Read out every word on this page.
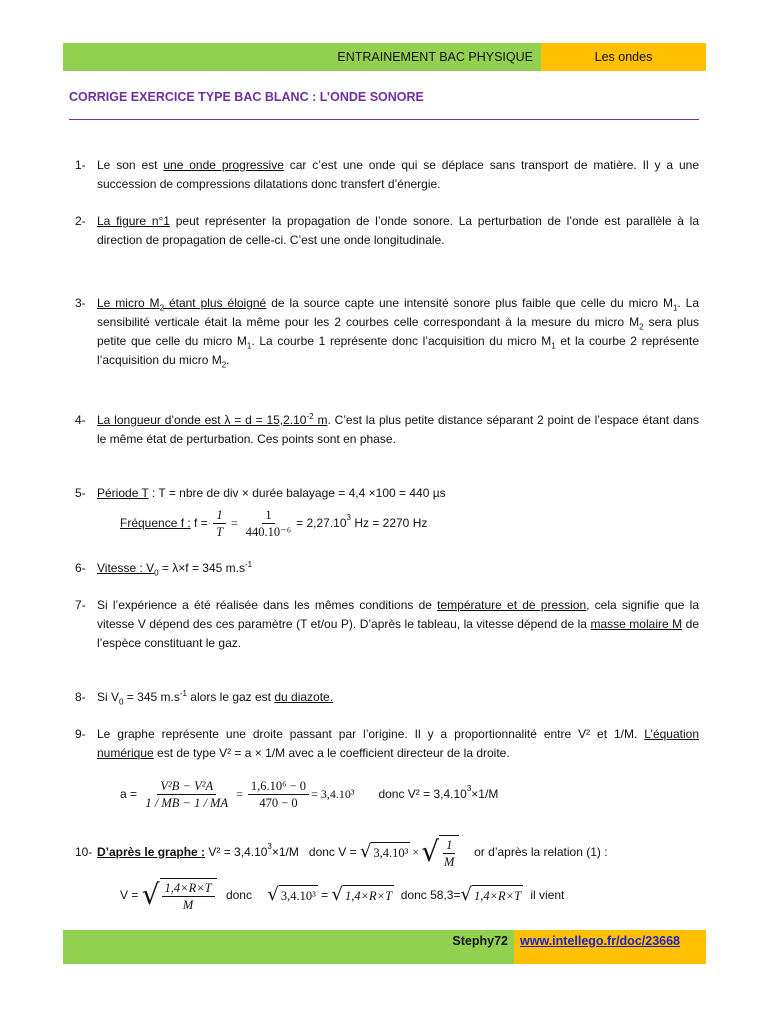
ENTRAINEMENT BAC PHYSIQUE	Les ondes
CORRIGE EXERCICE TYPE BAC BLANC : L’ONDE SONORE
1- Le son est une onde progressive car c’est une onde qui se déplace sans transport de matière. Il y a une succession de compressions dilatations donc transfert d’énergie.
2- La figure n°1 peut représenter la propagation de l’onde sonore. La perturbation de l’onde est parallèle à la direction de propagation de celle-ci. C’est une onde longitudinale.
3- Le micro $M_2$ étant plus éloigné de la source capte une intensité sonore plus faible que celle du micro $M_1$. La sensibilité verticale était la même pour les 2 courbes celle correspondant à la mesure du micro $M_2$ sera plus petite que celle du micro $M_1$. La courbe 1 représente donc l’acquisition du micro $M_1$ et la courbe 2 représente l’acquisition du micro $M_2$.
4- La longueur d’onde est $\lambda = d = 15,2.10^{-2}$ m. C’est la plus petite distance séparant 2 point de l’espace étant dans le même état de perturbation. Ces points sont en phase.
5- Période T : T = nbre de div × durée balayage = 4,4 ×100 = 440 µs
Fréquence f : $f = \frac{1}{T} = \frac{1}{\text{440.10⁻⁶}} = 2,27.10^3$ Hz = 2270 Hz
6- Vitesse : $V_0 = \lambda\times f = 345$ $m.s^{-1}$
7- Si l’expérience a été réalisée dans les mêmes conditions de température et de pression, cela signifie que la vitesse V dépend des ces paramètre (T et/ou P). D’après le tableau, la vitesse dépend de la masse molaire M de l’espèce constituant le gaz.
8- Si $V_0 = 345$ $m.s^{-1}$ alors le gaz est du diazote.
9- Le graphe représente une droite passant par l’origine. Il y a proportionnalité entre V² et 1/M. L’équation numérique est de type V² = a × 1/M avec a le coefficient directeur de la droite.
$a = \frac{\text{V²B − V²A}}{1 / MB - 1 / MA} = \frac{\text{1,6.10⁶ − 0}}{470 - 0} = 3,4.10^3$ donc $V^2 = 3,4.10^3 \times 1/M$
10- D’après le graphe : $V^2 = 3,4.10^3 \times 1/M$   donc V = √ 3,4.10³ × √ $\frac{1}{M}$ or d’après la relation (1) :
V = √ $\frac{1,4\times R\times T}{M}$ donc √ 3,4.10³ = √ 1,4×R×T donc 58,3= √ 1,4×R×T il vient
Stephy72 www.intellego.fr/doc/23668
